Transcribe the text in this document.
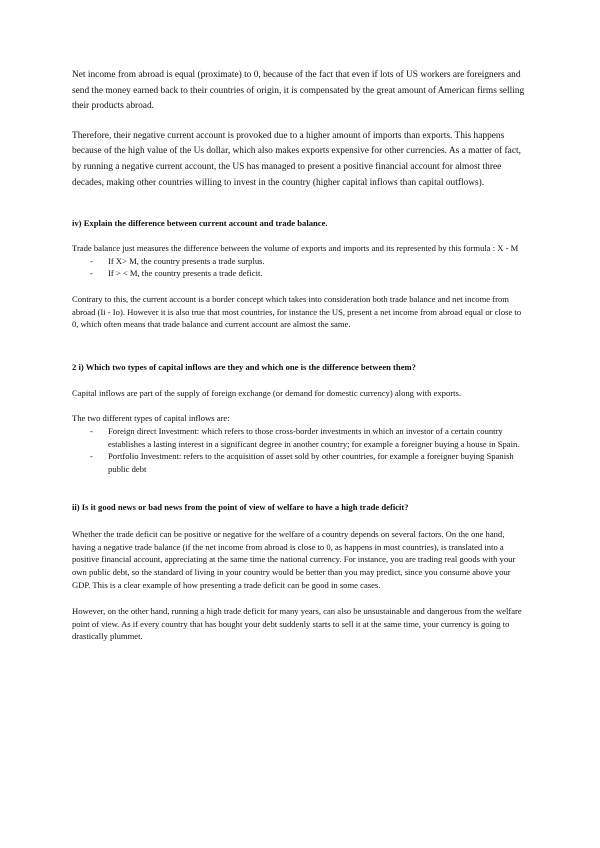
Net income from abroad is equal (proximate) to 0, because of the fact that even if lots of US workers are foreigners and send the money earned back to their countries of origin, it is compensated by the great amount of American firms selling their products abroad.

Therefore, their negative current account is provoked due to a higher amount of imports than exports. This happens because of the high value of the Us dollar, which also makes exports expensive for other currencies. As a matter of fact, by running a negative current account, the US has managed to present a positive financial account for almost three decades, making other countries willing to invest in the country (higher capital inflows than capital outflows).

iv) Explain the difference between current account and trade balance.

Trade balance just measures the difference between the volume of exports and imports and its represented by this formula : X - M

- If X> M, the country presents a trade surplus.
- If > < M, the country presents a trade deficit.

Contrary to this, the current account is a border concept which takes into consideration both trade balance and net income from abroad (Ii - Io). However it is also true that most countries, for instance the US, present a net income from abroad equal or close to 0, which often means that trade balance and current account are almost the same.

2 i) Which two types of capital inflows are they and which one is the difference between them?

Capital inflows are part of the supply of foreign exchange (or demand for domestic currency) along with exports.

The two different types of capital inflows are:

- Foreign direct Investment: which refers to those cross-border investments in which an investor of a certain country establishes a lasting interest in a significant degree in another country; for example a foreigner buying a house in Spain.
- Portfolio Investment: refers to the acquisition of asset sold by other countries, for example a foreigner buying Spanish public debt

ii) Is it good news or bad news from the point of view of welfare to have a high trade deficit?

Whether the trade deficit can be positive or negative for the welfare of a country depends on several factors. On the one hand, having a negative trade balance (if the net income from abroad is close to 0, as happens in most countries), is translated into a positive financial account, appreciating at the same time the national currency. For instance, you are trading real goods with your own public debt, so the standard of living in your country would be better than you may predict, since you consume above your GDP. This is a clear example of how presenting a trade deficit can be good in some cases.

However, on the other hand, running a high trade deficit for many years, can also be unsustainable and dangerous from the welfare point of view. As if every country that has bought your debt suddenly starts to sell it at the same time, your currency is going to drastically plummet.
